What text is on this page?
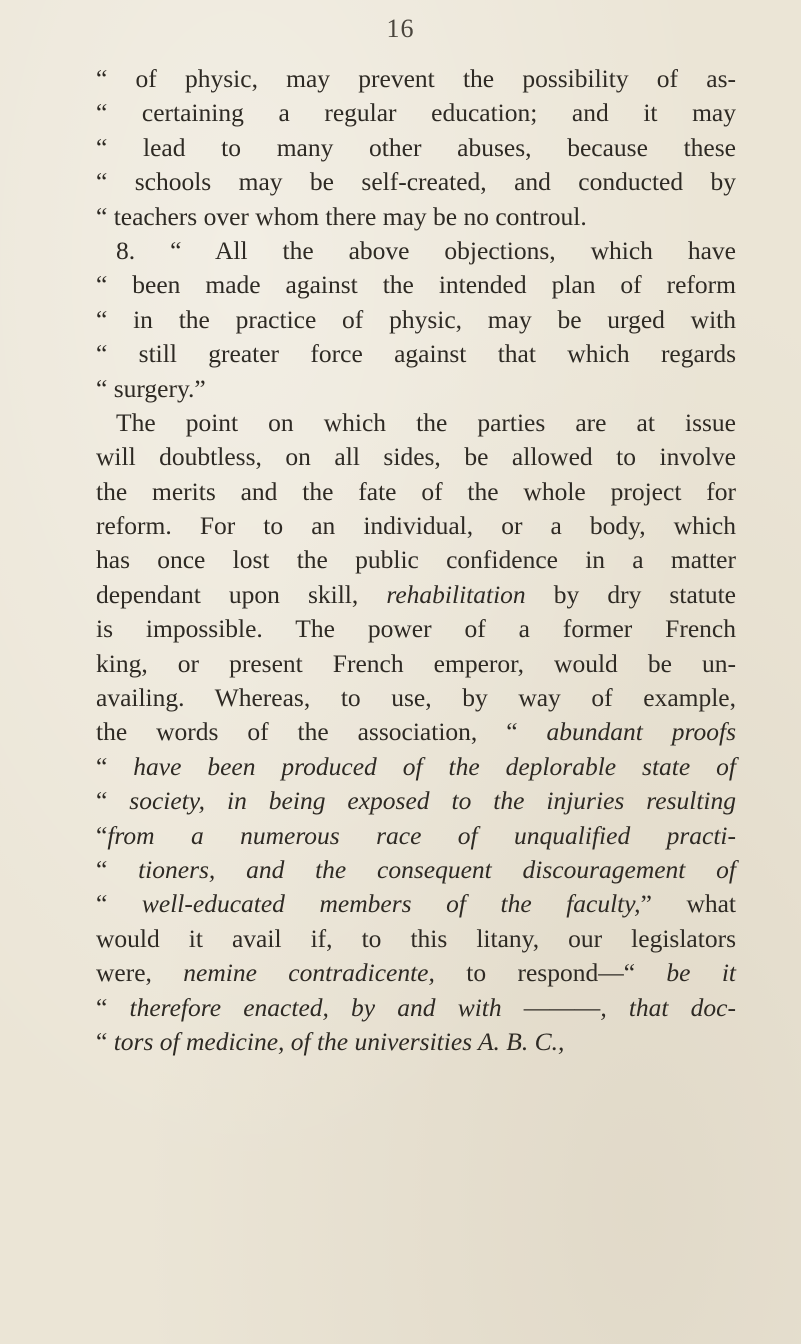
16
“ of physic, may prevent the possibility of as-
“ certaining a regular education; and it may
“ lead to many other abuses, because these
“ schools may be self-created, and conducted by
“ teachers over whom there may be no controul.
8. “ All the above objections, which have
“ been made against the intended plan of reform
“ in the practice of physic, may be urged with
“ still greater force against that which regards
“ surgery.”
The point on which the parties are at issue
will doubtless, on all sides, be allowed to involve
the merits and the fate of the whole project for
reform. For to an individual, or a body, which
has once lost the public confidence in a matter
dependant upon skill, rehabilitation by dry statute
is impossible. The power of a former French
king, or present French emperor, would be un-
availing. Whereas, to use, by way of example,
the words of the association, “ abundant proofs
“ have been produced of the deplorable state of
“ society, in being exposed to the injuries resulting
“from a numerous race of unqualified practi-
“ tioners, and the consequent discouragement of
“ well-educated members of the faculty,” what
would it avail if, to this litany, our legislators
were, nemine contradicente, to respond—“ be it
“ therefore enacted, by and with ———, that doc-
“ tors of medicine, of the universities A. B. C.,
